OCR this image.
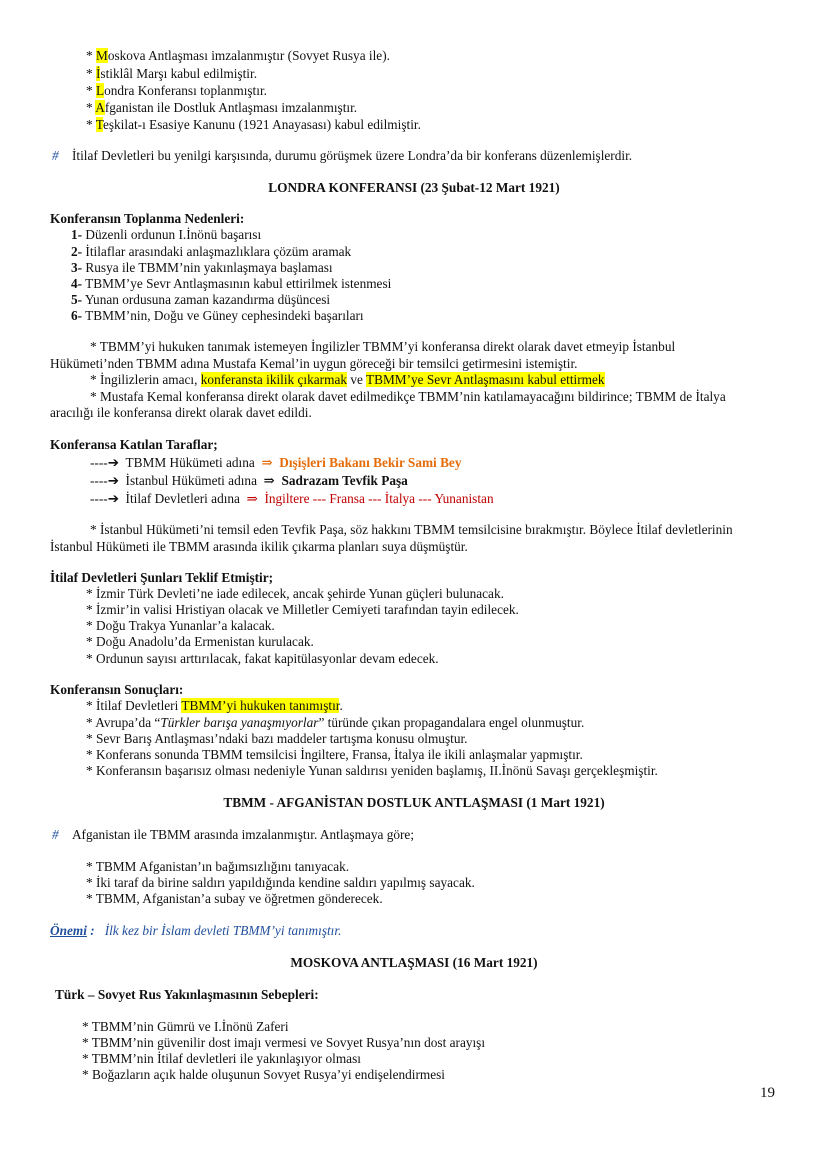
* Moskova Antlaşması imzalanmıştır (Sovyet Rusya ile).
* İstiklâl Marşı kabul edilmiştir.
* Londra Konferansı toplanmıştır.
* Afganistan ile Dostluk Antlaşması imzalanmıştır.
* Teşkilat-ı Esasiye Kanunu (1921 Anayasası) kabul edilmiştir.
# İtilaf Devletleri bu yenilgi karşısında, durumu görüşmek üzere Londra’da bir konferans düzenlemişlerdir.
LONDRA KONFERANSI (23 Şubat-12 Mart 1921)
Konferansın Toplanma Nedenleri:
1- Düzenli ordunun I.İnönü başarısı
2- İtilaflar arasındaki anlaşmazlıklara çözüm aramak
3- Rusya ile TBMM’nin yakınlaşmaya başlaması
4- TBMM’ye Sevr Antlaşmasının kabul ettirilmek istenmesi
5- Yunan ordusuna zaman kazandırma düşüncesi
6- TBMM’nin, Doğu ve Güney cephesindeki başarıları
* TBMM’yi hukuken tanımak istemeyen İngilizler TBMM’yi konferansa direkt olarak davet etmeyip İstanbul
Hükümeti’nden TBMM adına Mustafa Kemal’in uygun göreceği bir temsilci getirmesini istemiştir.
* İngilizlerin amacı, konferansta ikilik çıkarmak ve TBMM’ye Sevr Antlaşmasını kabul ettirmek
* Mustafa Kemal konferansa direkt olarak davet edilmedikçe TBMM’nin katılamayacağını bildirince; TBMM de İtalya
aracılığı ile konferansa direkt olarak davet edildi.
Konferansa Katılan Taraflar;
----➔ TBMM Hükümeti adına ⇒ Dışişleri Bakanı Bekir Sami Bey
----➔ İstanbul Hükümeti adına ⇒ Sadrazam Tevfik Paşa
----➔ İtilaf Devletleri adına ⇒ İngiltere --- Fransa --- İtalya --- Yunanistan
* İstanbul Hükümeti’ni temsil eden Tevfik Paşa, söz hakkını TBMM temsilcisine bırakmıştır. Böylece İtilaf devletlerinin
İstanbul Hükümeti ile TBMM arasında ikilik çıkarma planları suya düşmüştür.
İtilaf Devletleri Şunları Teklif Etmiştir;
* İzmir Türk Devleti’ne iade edilecek, ancak şehirde Yunan güçleri bulunacak.
* İzmir’in valisi Hristiyan olacak ve Milletler Cemiyeti tarafından tayin edilecek.
* Doğu Trakya Yunanlar’a kalacak.
* Doğu Anadolu’da Ermenistan kurulacak.
* Ordunun sayısı arttırılacak, fakat kapitülasyonlar devam edecek.
Konferansın Sonuçları:
* İtilaf Devletleri TBMM’yi hukuken tanımıştır.
* Avrupa’da “Türkler barışa yanaşmıyorlar” türünde çıkan propagandalara engel olunmuştur.
* Sevr Barış Antlaşması’ndaki bazı maddeler tartışma konusu olmuştur.
* Konferans sonunda TBMM temsilcisi İngiltere, Fransa, İtalya ile ikili anlaşmalar yapmıştır.
* Konferansın başarısız olması nedeniyle Yunan saldırısı yeniden başlamış, II.İnönü Savaşı gerçekleşmiştir.
TBMM - AFGANİSTAN DOSTLUK ANTLAŞMASI (1 Mart 1921)
# Afganistan ile TBMM arasında imzalanmıştır. Antlaşmaya göre;
* TBMM Afganistan’ın bağımsızlığını tanıyacak.
* İki taraf da birine saldırı yapıldığında kendine saldırı yapılmış sayacak.
* TBMM, Afganistan’a subay ve öğretmen gönderecek.
Önemi : İlk kez bir İslam devleti TBMM’yi tanımıştır.
MOSKOVA ANTLAŞMASI (16 Mart 1921)
Türk – Sovyet Rus Yakınlaşmasının Sebepleri:
* TBMM’nin Gümrü ve I.İnönü Zaferi
* TBMM’nin güvenilir dost imajı vermesi ve Sovyet Rusya’nın dost arayışı
* TBMM’nin İtilaf devletleri ile yakınlaşıyor olması
* Boğazların açık halde oluşunun Sovyet Rusya’yi endişelendirmesi
19
